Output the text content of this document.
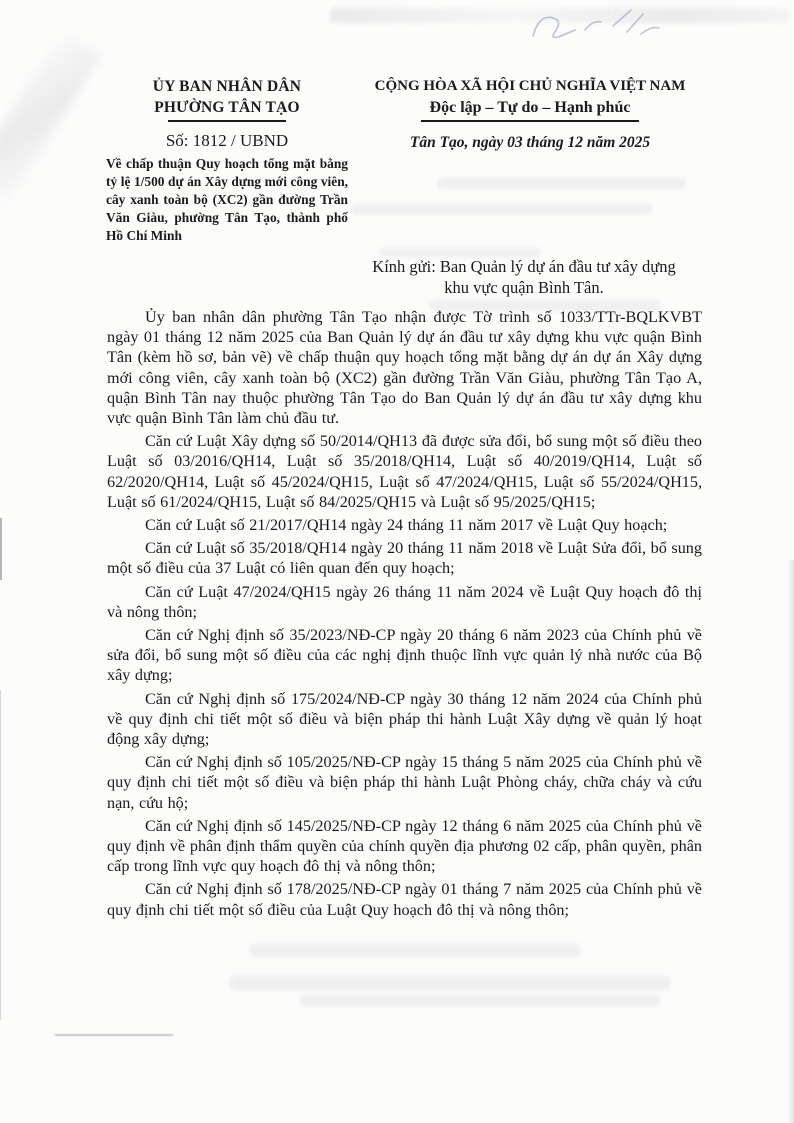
ỦY BAN NHÂN DÂN
PHƯỜNG TÂN TẠO
Số: 1812 / UBND
Về chấp thuận Quy hoạch tổng mặt bằng tỷ lệ 1/500 dự án Xây dựng mới công viên, cây xanh toàn bộ (XC2) gần đường Trần Văn Giàu, phường Tân Tạo, thành phố Hồ Chí Minh
CỘNG HÒA XÃ HỘI CHỦ NGHĨA VIỆT NAM
Độc lập – Tự do – Hạnh phúc
Tân Tạo, ngày 03 tháng 12 năm 2025
Kính gửi: Ban Quản lý dự án đầu tư xây dựng
khu vực quận Bình Tân.

Ủy ban nhân dân phường Tân Tạo nhận được Tờ trình số 1033/TTr-BQLKVBT ngày 01 tháng 12 năm 2025 của Ban Quản lý dự án đầu tư xây dựng khu vực quận Bình Tân (kèm hồ sơ, bản vẽ) về chấp thuận quy hoạch tổng mặt bằng dự án dự án Xây dựng mới công viên, cây xanh toàn bộ (XC2) gần đường Trần Văn Giàu, phường Tân Tạo A, quận Bình Tân nay thuộc phường Tân Tạo do Ban Quản lý dự án đầu tư xây dựng khu vực quận Bình Tân làm chủ đầu tư.

Căn cứ Luật Xây dựng số 50/2014/QH13 đã được sửa đổi, bổ sung một số điều theo Luật số 03/2016/QH14, Luật số 35/2018/QH14, Luật số 40/2019/QH14, Luật số 62/2020/QH14, Luật số 45/2024/QH15, Luật số 47/2024/QH15, Luật số 55/2024/QH15, Luật số 61/2024/QH15, Luật số 84/2025/QH15 và Luật số 95/2025/QH15;

Căn cứ Luật số 21/2017/QH14 ngày 24 tháng 11 năm 2017 về Luật Quy hoạch;

Căn cứ Luật số 35/2018/QH14 ngày 20 tháng 11 năm 2018 về Luật Sửa đổi, bổ sung một số điều của 37 Luật có liên quan đến quy hoạch;

Căn cứ Luật 47/2024/QH15 ngày 26 tháng 11 năm 2024 về Luật Quy hoạch đô thị và nông thôn;

Căn cứ Nghị định số 35/2023/NĐ-CP ngày 20 tháng 6 năm 2023 của Chính phủ về sửa đổi, bổ sung một số điều của các nghị định thuộc lĩnh vực quản lý nhà nước của Bộ xây dựng;

Căn cứ Nghị định số 175/2024/NĐ-CP ngày 30 tháng 12 năm 2024 của Chính phủ về quy định chi tiết một số điều và biện pháp thi hành Luật Xây dựng về quản lý hoạt động xây dựng;

Căn cứ Nghị định số 105/2025/NĐ-CP ngày 15 tháng 5 năm 2025 của Chính phủ về quy định chi tiết một số điều và biện pháp thi hành Luật Phòng cháy, chữa cháy và cứu nạn, cứu hộ;

Căn cứ Nghị định số 145/2025/NĐ-CP ngày 12 tháng 6 năm 2025 của Chính phủ về quy định về phân định thẩm quyền của chính quyền địa phương 02 cấp, phân quyền, phân cấp trong lĩnh vực quy hoạch đô thị và nông thôn;

Căn cứ Nghị định số 178/2025/NĐ-CP ngày 01 tháng 7 năm 2025 của Chính phủ về quy định chi tiết một số điều của Luật Quy hoạch đô thị và nông thôn;
